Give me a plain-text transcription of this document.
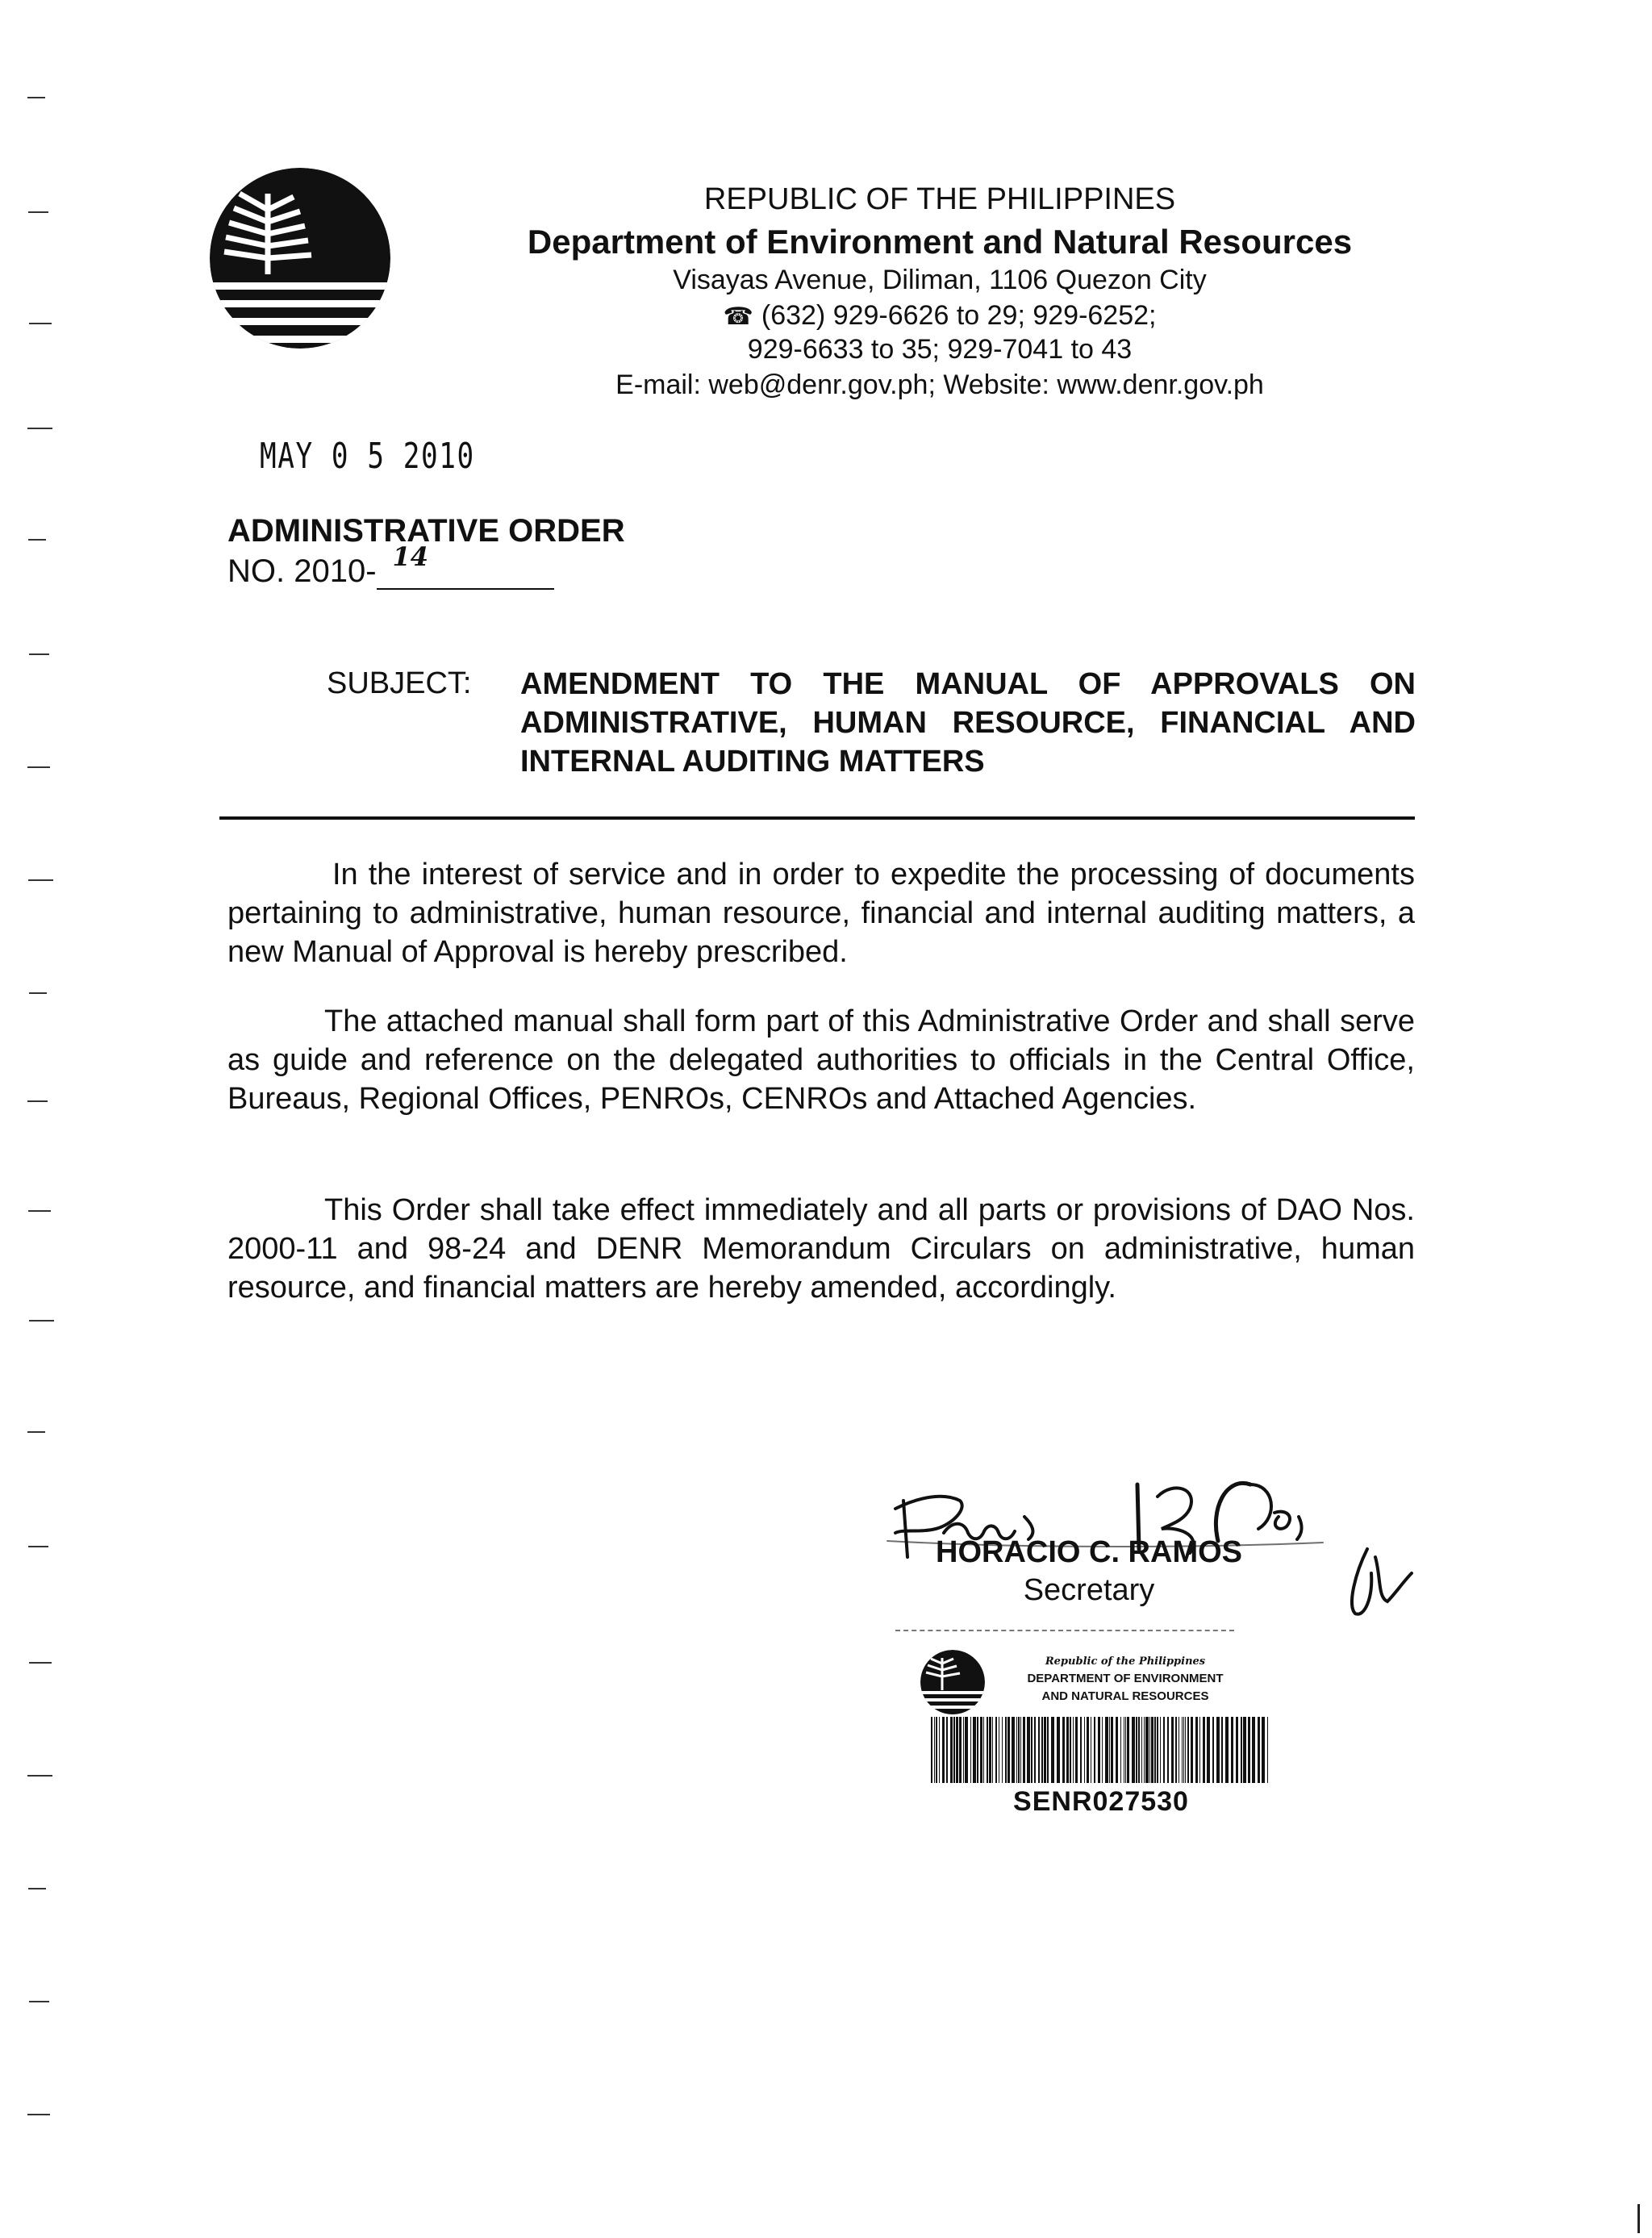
REPUBLIC OF THE PHILIPPINES
Department of Environment and Natural Resources
Visayas Avenue, Diliman, 1106 Quezon City
☎ (632) 929-6626 to 29; 929-6252;
929-6633 to 35; 929-7041 to 43
E-mail: web@denr.gov.ph; Website: www.denr.gov.ph
MAY 0 5 2010
ADMINISTRATIVE ORDER
NO. 2010- 14
SUBJECT: AMENDMENT TO THE MANUAL OF APPROVALS ON ADMINISTRATIVE, HUMAN RESOURCE, FINANCIAL AND INTERNAL AUDITING MATTERS
In the interest of service and in order to expedite the processing of documents pertaining to administrative, human resource, financial and internal auditing matters, a new Manual of Approval is hereby prescribed.
The attached manual shall form part of this Administrative Order and shall serve as guide and reference on the delegated authorities to officials in the Central Office, Bureaus, Regional Offices, PENROs, CENROs and Attached Agencies.
This Order shall take effect immediately and all parts or provisions of DAO Nos. 2000-11 and 98-24 and DENR Memorandum Circulars on administrative, human resource, and financial matters are hereby amended, accordingly.
HORACIO C. RAMOS
Secretary
Republic of the Philippines
DEPARTMENT OF ENVIRONMENT
AND NATURAL RESOURCES
SENR027530
